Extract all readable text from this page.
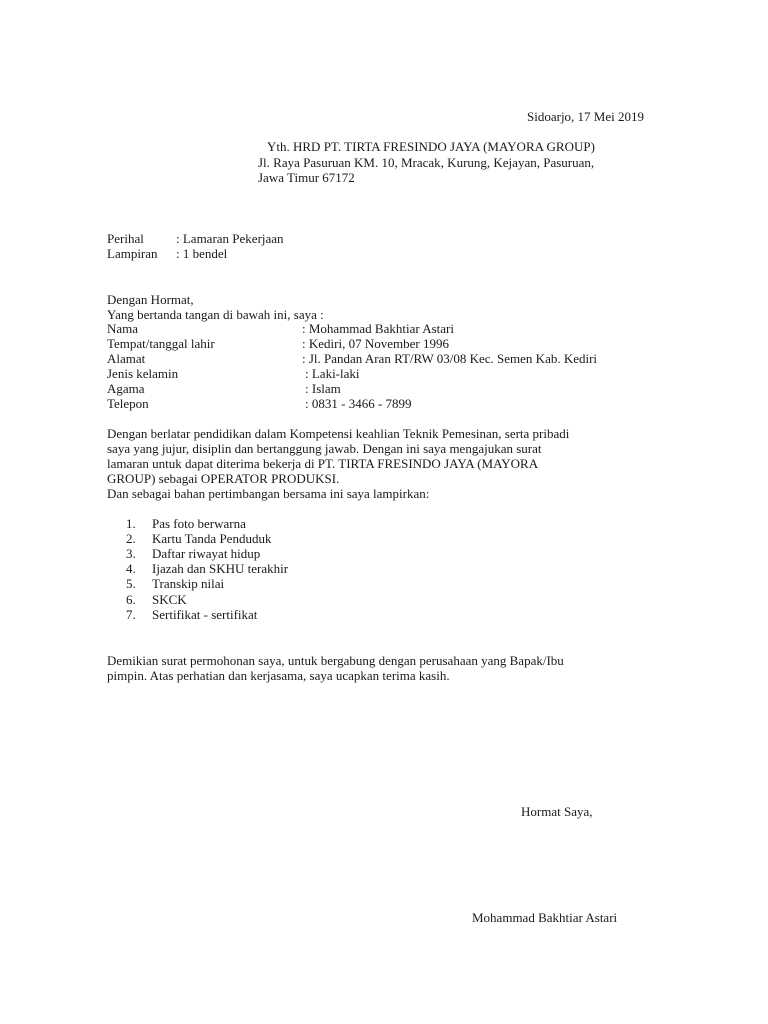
Sidoarjo, 17 Mei 2019
Yth. HRD PT. TIRTA FRESINDO JAYA (MAYORA GROUP)
Jl. Raya Pasuruan KM. 10, Mracak, Kurung, Kejayan, Pasuruan,
Jawa Timur 67172
Perihal : Lamaran Pekerjaan
Lampiran : 1 bendel
Dengan Hormat,
Yang bertanda tangan di bawah ini, saya :
Nama	: Mohammad Bakhtiar Astari
Tempat/tanggal lahir	: Kediri, 07 November 1996
Alamat	: Jl. Pandan Aran RT/RW 03/08 Kec. Semen Kab. Kediri
Jenis kelamin	: Laki-laki
Agama	: Islam
Telepon	: 0831 - 3466 - 7899
Dengan berlatar pendidikan dalam Kompetensi keahlian Teknik Pemesinan, serta pribadi
saya yang jujur, disiplin dan bertanggung jawab. Dengan ini saya mengajukan surat
lamaran untuk dapat diterima bekerja di PT. TIRTA FRESINDO JAYA (MAYORA
GROUP) sebagai OPERATOR PRODUKSI.
Dan sebagai bahan pertimbangan bersama ini saya lampirkan:
1. Pas foto berwarna
2. Kartu Tanda Penduduk
3. Daftar riwayat hidup
4. Ijazah dan SKHU terakhir
5. Transkip nilai
6. SKCK
7. Sertifikat - sertifikat
Demikian surat permohonan saya, untuk bergabung dengan perusahaan yang Bapak/Ibu
pimpin. Atas perhatian dan kerjasama, saya ucapkan terima kasih.
Hormat Saya,
Mohammad Bakhtiar Astari
